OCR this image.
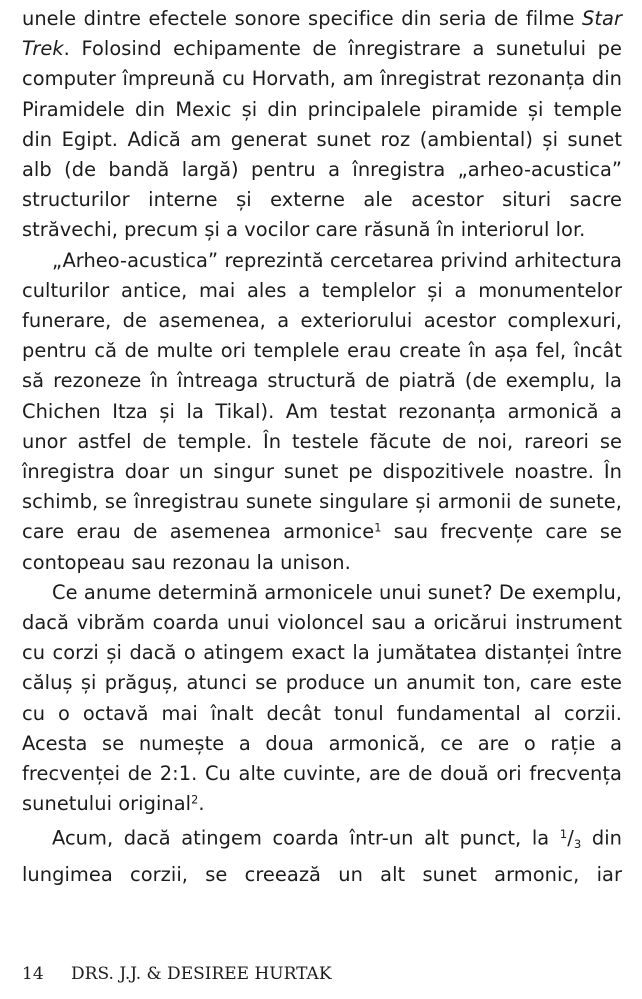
unele dintre efectele sonore specifice din seria de filme Star Trek. Folosind echipamente de înregistrare a sunetului pe computer împreună cu Horvath, am înregistrat rezonanța din Piramidele din Mexic și din principalele piramide și temple din Egipt. Adică am generat sunet roz (ambiental) și sunet alb (de bandă largă) pentru a înregistra „arheo-acustica” structurilor interne și externe ale acestor situri sacre străvechi, precum și a vocilor care răsună în interiorul lor.

„Arheo-acustica” reprezintă cercetarea privind arhitectura culturilor antice, mai ales a templelor și a monumentelor funerare, de asemenea, a exteriorului acestor complexuri, pentru că de multe ori templele erau create în așa fel, încât să rezoneze în întreaga structură de piatră (de exemplu, la Chichen Itza și la Tikal). Am testat rezonanța armonică a unor astfel de temple. În testele făcute de noi, rareori se înregistra doar un singur sunet pe dispozitivele noastre. În schimb, se înregistrau sunete singulare și armonii de sunete, care erau de asemenea armonice$^1$ sau frecvențe care se contopeau sau rezonau la unison.

Ce anume determină armonicele unui sunet? De exemplu, dacă vibrăm coarda unui violoncel sau a oricărui instrument cu corzi și dacă o atingem exact la jumătatea distanței între căluș și prăguș, atunci se produce un anumit ton, care este cu o octavă mai înalt decât tonul fundamental al corzii. Acesta se numește a doua armonică, ce are o rație a frecvenței de 2:1. Cu alte cuvinte, are de două ori frecvența sunetului original$^2$.

Acum, dacă atingem coarda într-un alt punct, la $^1$/3 din lungimea corzii, se creează un alt sunet armonic, iar

14 DRS. J.J. & DESIREE HURTAK
